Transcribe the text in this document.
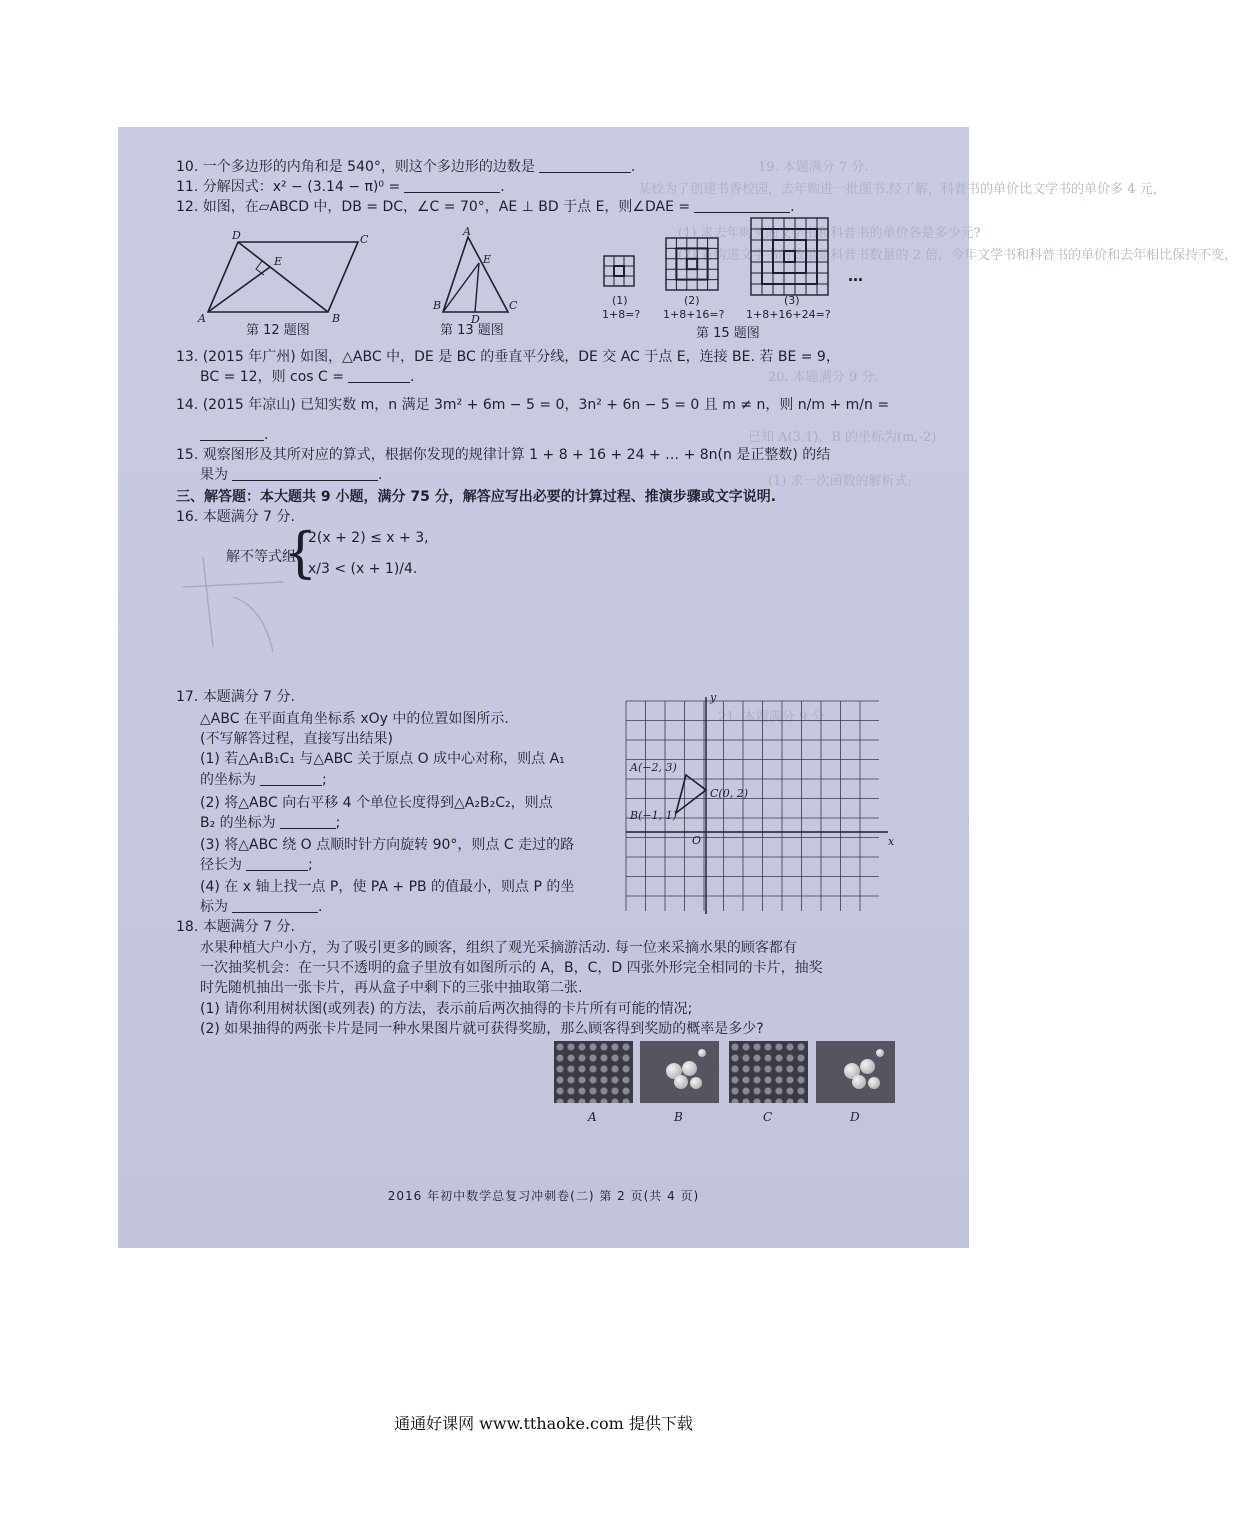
19. 本题满分 7 分.
某校为了创建书香校园，去年购进一批图书.经了解，科普书的单价比文学书的单价多 4 元，
(1) 求去年购买的文学书和科普书的单价各是多少元?
(2) 若购进文学书的数量是科普书数量的 2 倍，今年文学书和科普书的单价和去年相比保持不变，
20. 本题满分 9 分.
已知 A(3,1)，B 的坐标为(m,-2)
(1) 求一次函数的解析式;
21. 本题满分 9 分.
10. 一个多边形的内角和是 540°，则这个多边形的边数是	.
11. 分解因式：x² − (3.14 − π)⁰ =	.
12. 如图，在▱ABCD 中，DB = DC，∠C = 70°，AE ⊥ BD 于点 E，则∠DAE =	.
D	C
A	B
E
第 12 题图
A
E
B
D
C
第 13 题图
…
(1)
1+8=?
(2)
1+8+16=?
(3)
1+8+16+24=?
第 15 题图
13. (2015 年广州) 如图，△ABC 中，DE 是 BC 的垂直平分线，DE 交 AC 于点 E，连接 BE. 若 BE = 9，
BC = 12，则 cos C =	.
14. (2015 年凉山) 已知实数 m，n 满足 3m² + 6m − 5 = 0，3n² + 6n − 5 = 0 且 m ≠ n，则 n/m + m/n =
.
15. 观察图形及其所对应的算式，根据你发现的规律计算 1 + 8 + 16 + 24 + … + 8n(n 是正整数) 的结
果为	.
三、解答题：本大题共 9 小题，满分 75 分，解答应写出必要的计算过程、推演步骤或文字说明.
16. 本题满分 7 分.
解不等式组
{
2(x + 2) ≤ x + 3,
x/3 < (x + 1)/4.
17. 本题满分 7 分.
△ABC 在平面直角坐标系 xOy 中的位置如图所示.
(不写解答过程，直接写出结果)
(1) 若△A₁B₁C₁ 与△ABC 关于原点 O 成中心对称，则点 A₁
的坐标为	;
(2) 将△ABC 向右平移 4 个单位长度得到△A₂B₂C₂，则点
B₂ 的坐标为	;
(3) 将△ABC 绕 O 点顺时针方向旋转 90°，则点 C 走过的路
径长为	;
(4) 在 x 轴上找一点 P，使 PA + PB 的值最小，则点 P 的坐
标为	.
A(−2, 3)
C(0, 2)
B(−1, 1)
O	x
y
18. 本题满分 7 分.
水果种植大户小方，为了吸引更多的顾客，组织了观光采摘游活动. 每一位来采摘水果的顾客都有
一次抽奖机会：在一只不透明的盒子里放有如图所示的 A，B，C，D 四张外形完全相同的卡片，抽奖
时先随机抽出一张卡片，再从盒子中剩下的三张中抽取第二张.
(1) 请你利用树状图(或列表) 的方法，表示前后两次抽得的卡片所有可能的情况;
(2) 如果抽得的两张卡片是同一种水果图片就可获得奖励，那么顾客得到奖励的概率是多少?
A	B	C	D
2016 年初中数学总复习冲刺卷(二) 第 2 页(共 4 页)
通通好课网 www.tthaoke.com 提供下载
